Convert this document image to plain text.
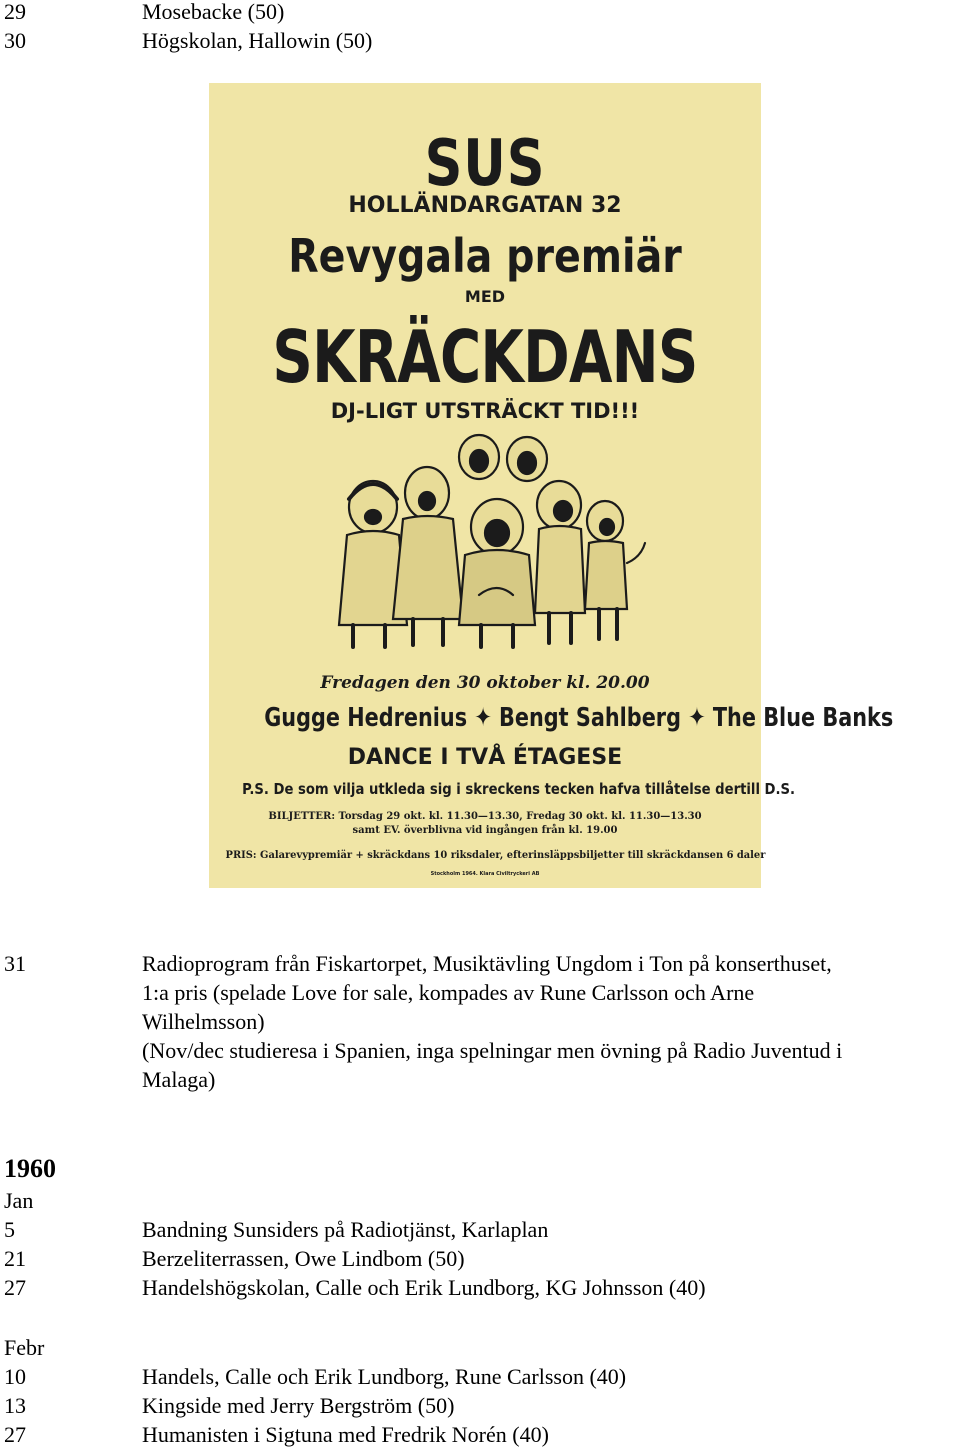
29	Mosebacke (50)
30	Högskolan, Hallowin (50)
SUS
HOLLÄNDARGATAN 32
Revygala premiär
MED
SKRÄCKDANS
DJ-LIGT UTSTRÄCKT TID!!!
Fredagen den 30 oktober kl. 20.00
Gugge Hedrenius ✦ Bengt Sahlberg ✦ The Blue Banks
DANCE I TVÅ ÉTAGESE
P.S. De som vilja utkleda sig i skreckens tecken hafva tillåtelse dertill D.S.
BILJETTER: Torsdag 29 okt. kl. 11.30—13.30, Fredag 30 okt. kl. 11.30—13.30
samt EV. överblivna vid ingången från kl. 19.00
PRIS: Galarevypremiär + skräckdans 10 riksdaler, efterinsläppsbiljetter till skräckdansen 6 daler
Stockholm 1964. Klara Civiltryckeri AB
31	Radioprogram från Fiskartorpet, Musiktävling Ungdom i Ton på konserthuset,
1:a pris (spelade Love for sale, kompades av Rune Carlsson och Arne
Wilhelmsson)
(Nov/dec studieresa i Spanien, inga spelningar men övning på Radio Juventud i
Malaga)
1960
Jan
5	Bandning Sunsiders på Radiotjänst, Karlaplan
21	Berzeliterrassen, Owe Lindbom (50)
27	Handelshögskolan, Calle och Erik Lundborg, KG Johnsson (40)
Febr
10	Handels, Calle och Erik Lundborg, Rune Carlsson (40)
13	Kingside med Jerry Bergström (50)
27	Humanisten i Sigtuna med Fredrik Norén (40)
